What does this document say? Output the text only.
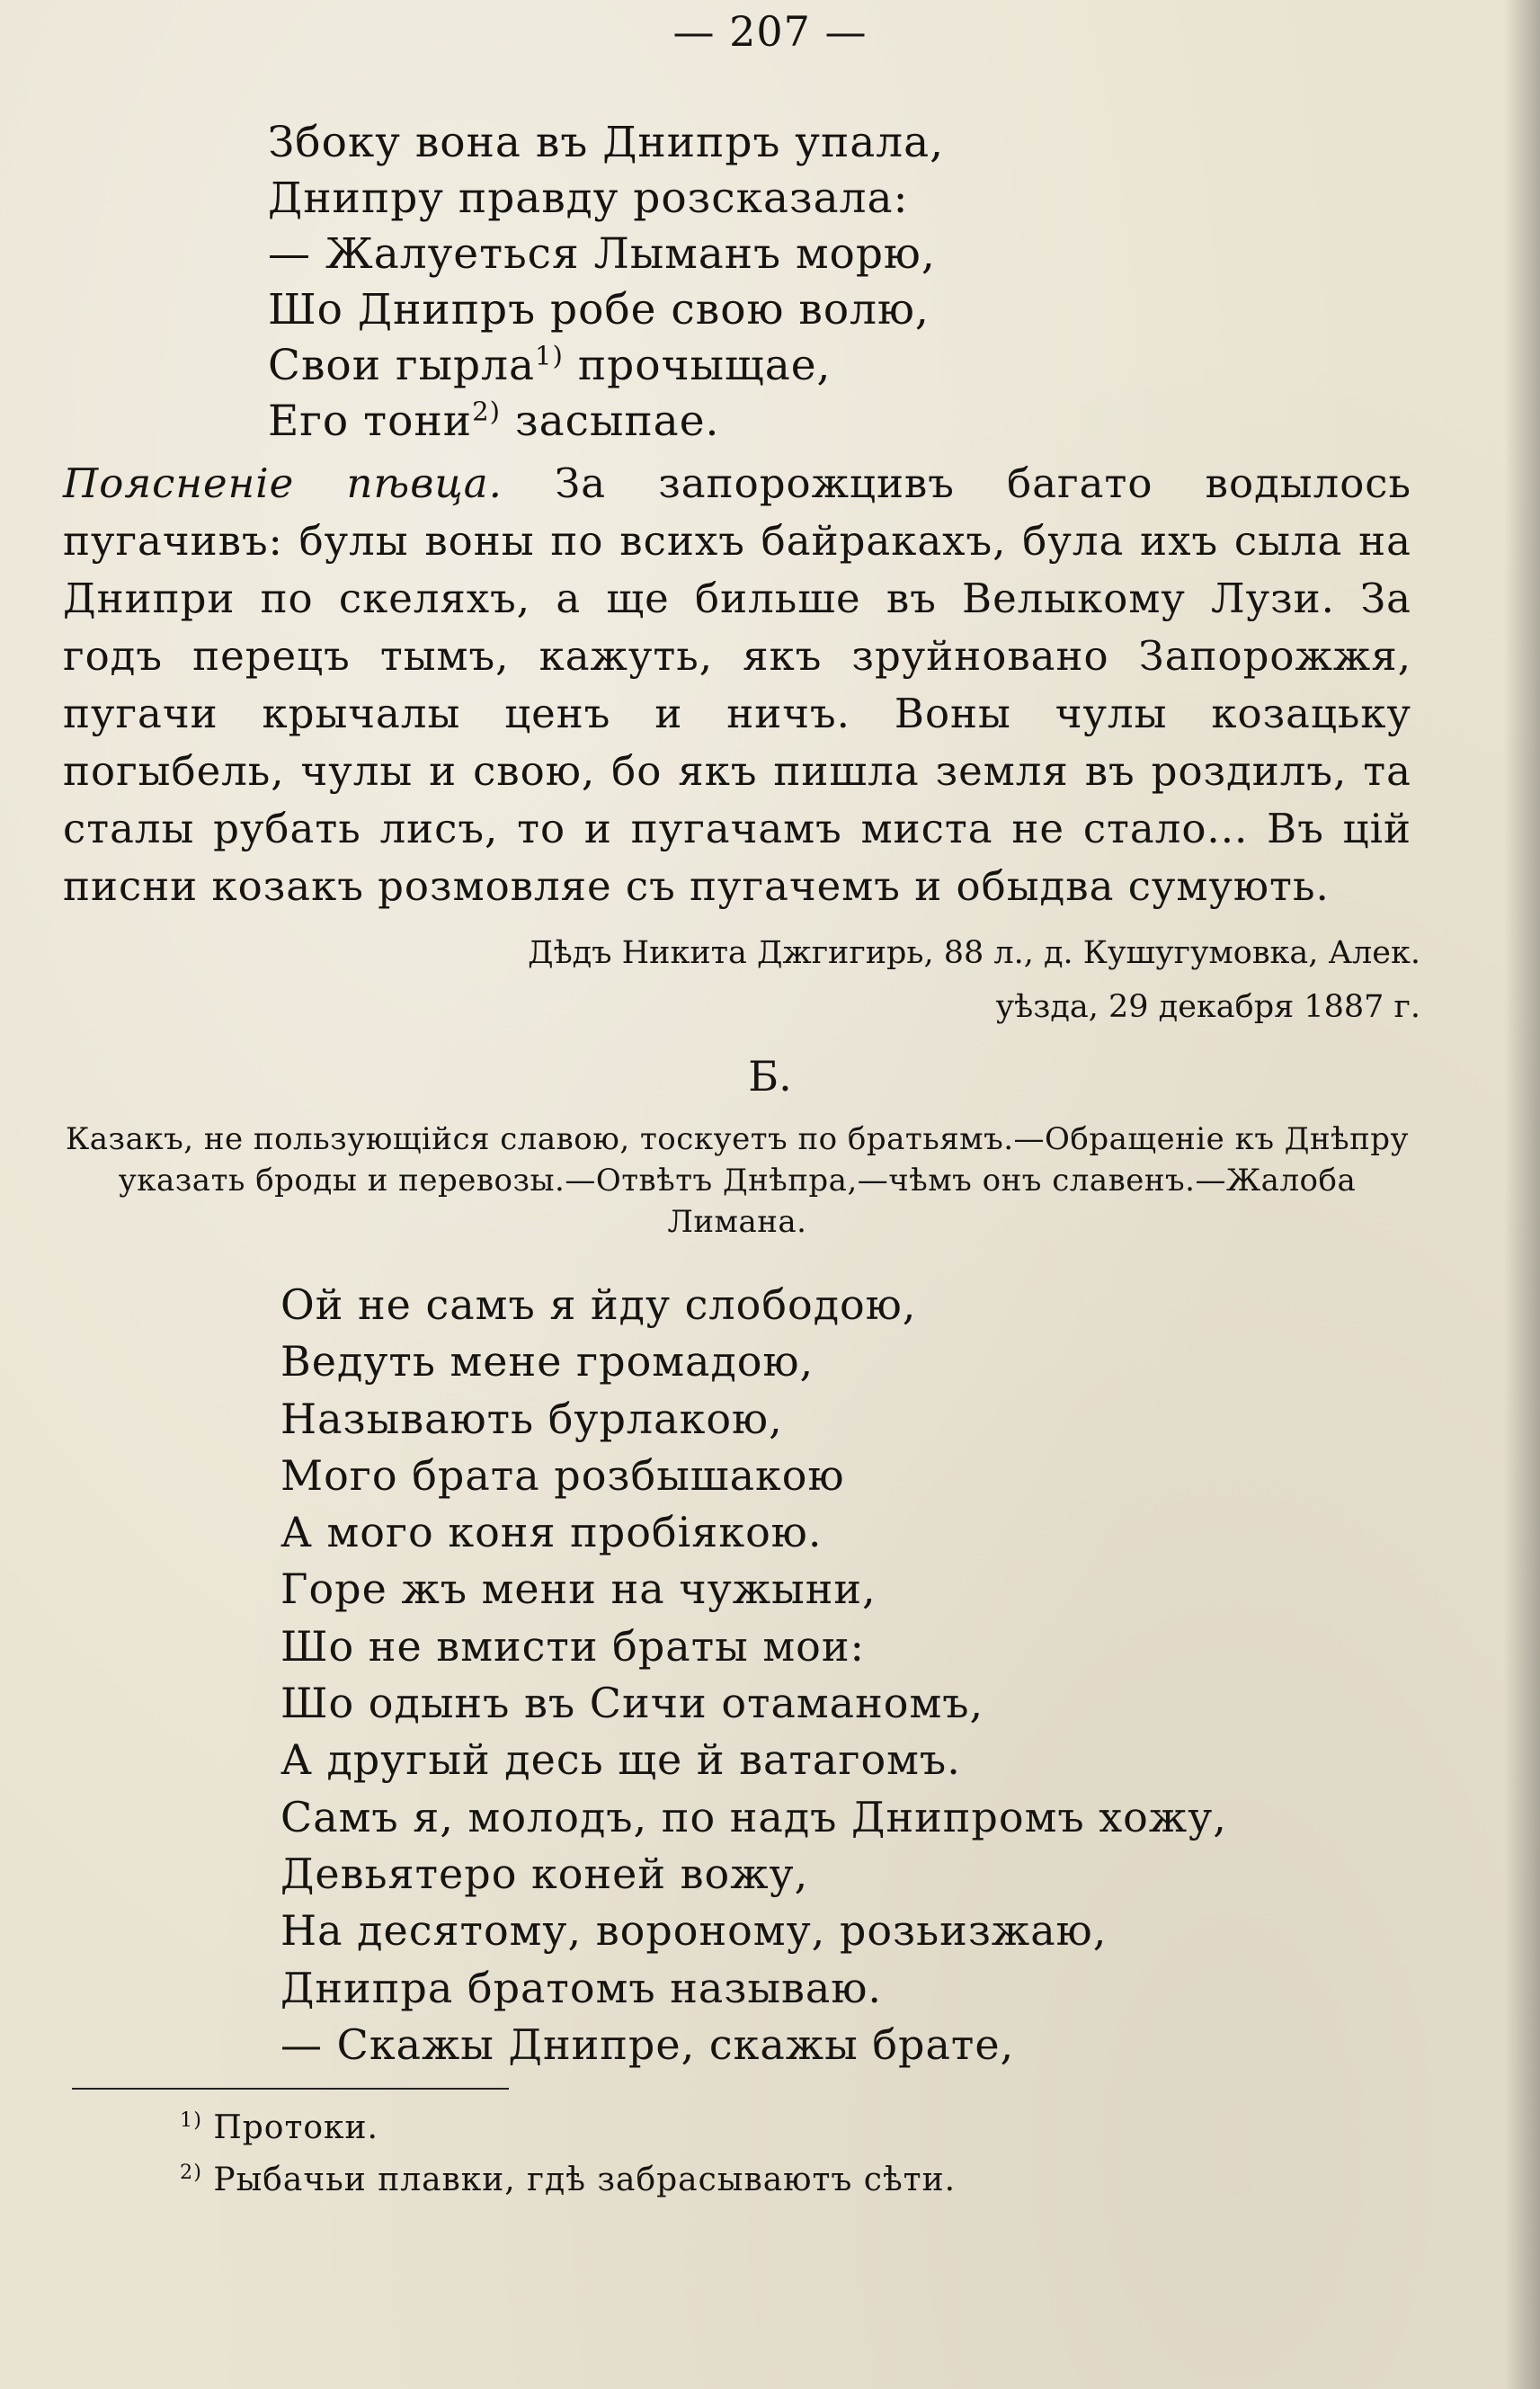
— 207 —
Збоку вона въ Днипръ упала,
Днипру правду розсказала:
— Жалуеться Лыманъ морю,
Шо Днипръ робе свою волю,
Свои гырла$^{1)}$ прочыщае,
Его тони$^{2)}$ засыпае.

Поясненіе пѣвца. За запорожцивъ багато водылось пугачивъ: булы воны по всихъ байракахъ, була ихъ сыла на Днипри по скеляхъ, а ще бильше въ Велыкому Лузи. За годъ перецъ тымъ, кажуть, якъ зруйновано Запорожжя, пугачи крычалы ценъ и ничъ. Воны чулы козацьку погыбель, чулы и свою, бо якъ пишла земля въ роздилъ, та сталы рубать лисъ, то и пугачамъ миста не стало... Въ цій писни козакъ розмовляе съ пугачемъ и обыдва сумують.

Дѣдъ Никита Джгигирь, 88 л., д. Кушугумовка, Алек. уѣзда, 29 декабря 1887 г.

Б.

Казакъ, не пользующійся славою, тоскуетъ по братьямъ.—Обращеніе къ Днѣпру указать броды и перевозы.—Отвѣтъ Днѣпра,—чѣмъ онъ славенъ.—Жалоба Лимана.

Ой не самъ я йду слободою,
Ведуть мене громадою,
Называють бурлакою,
Мого брата розбышакою
А мого коня пробіякою.
Горе жъ мени на чужыни,
Шо не вмисти браты мои:
Шо одынъ въ Сичи отаманомъ,
А другый десь ще й ватагомъ.
Самъ я, молодъ, по надъ Днипромъ хожу,
Девьятеро коней вожу,
На десятому, вороному, розьизжаю,
Днипра братомъ называю.
— Скажы Днипре, скажы брате,
$^{1)}$ Протоки.
$^{2)}$ Рыбачьи плавки, гдѣ забрасываютъ сѣти.
